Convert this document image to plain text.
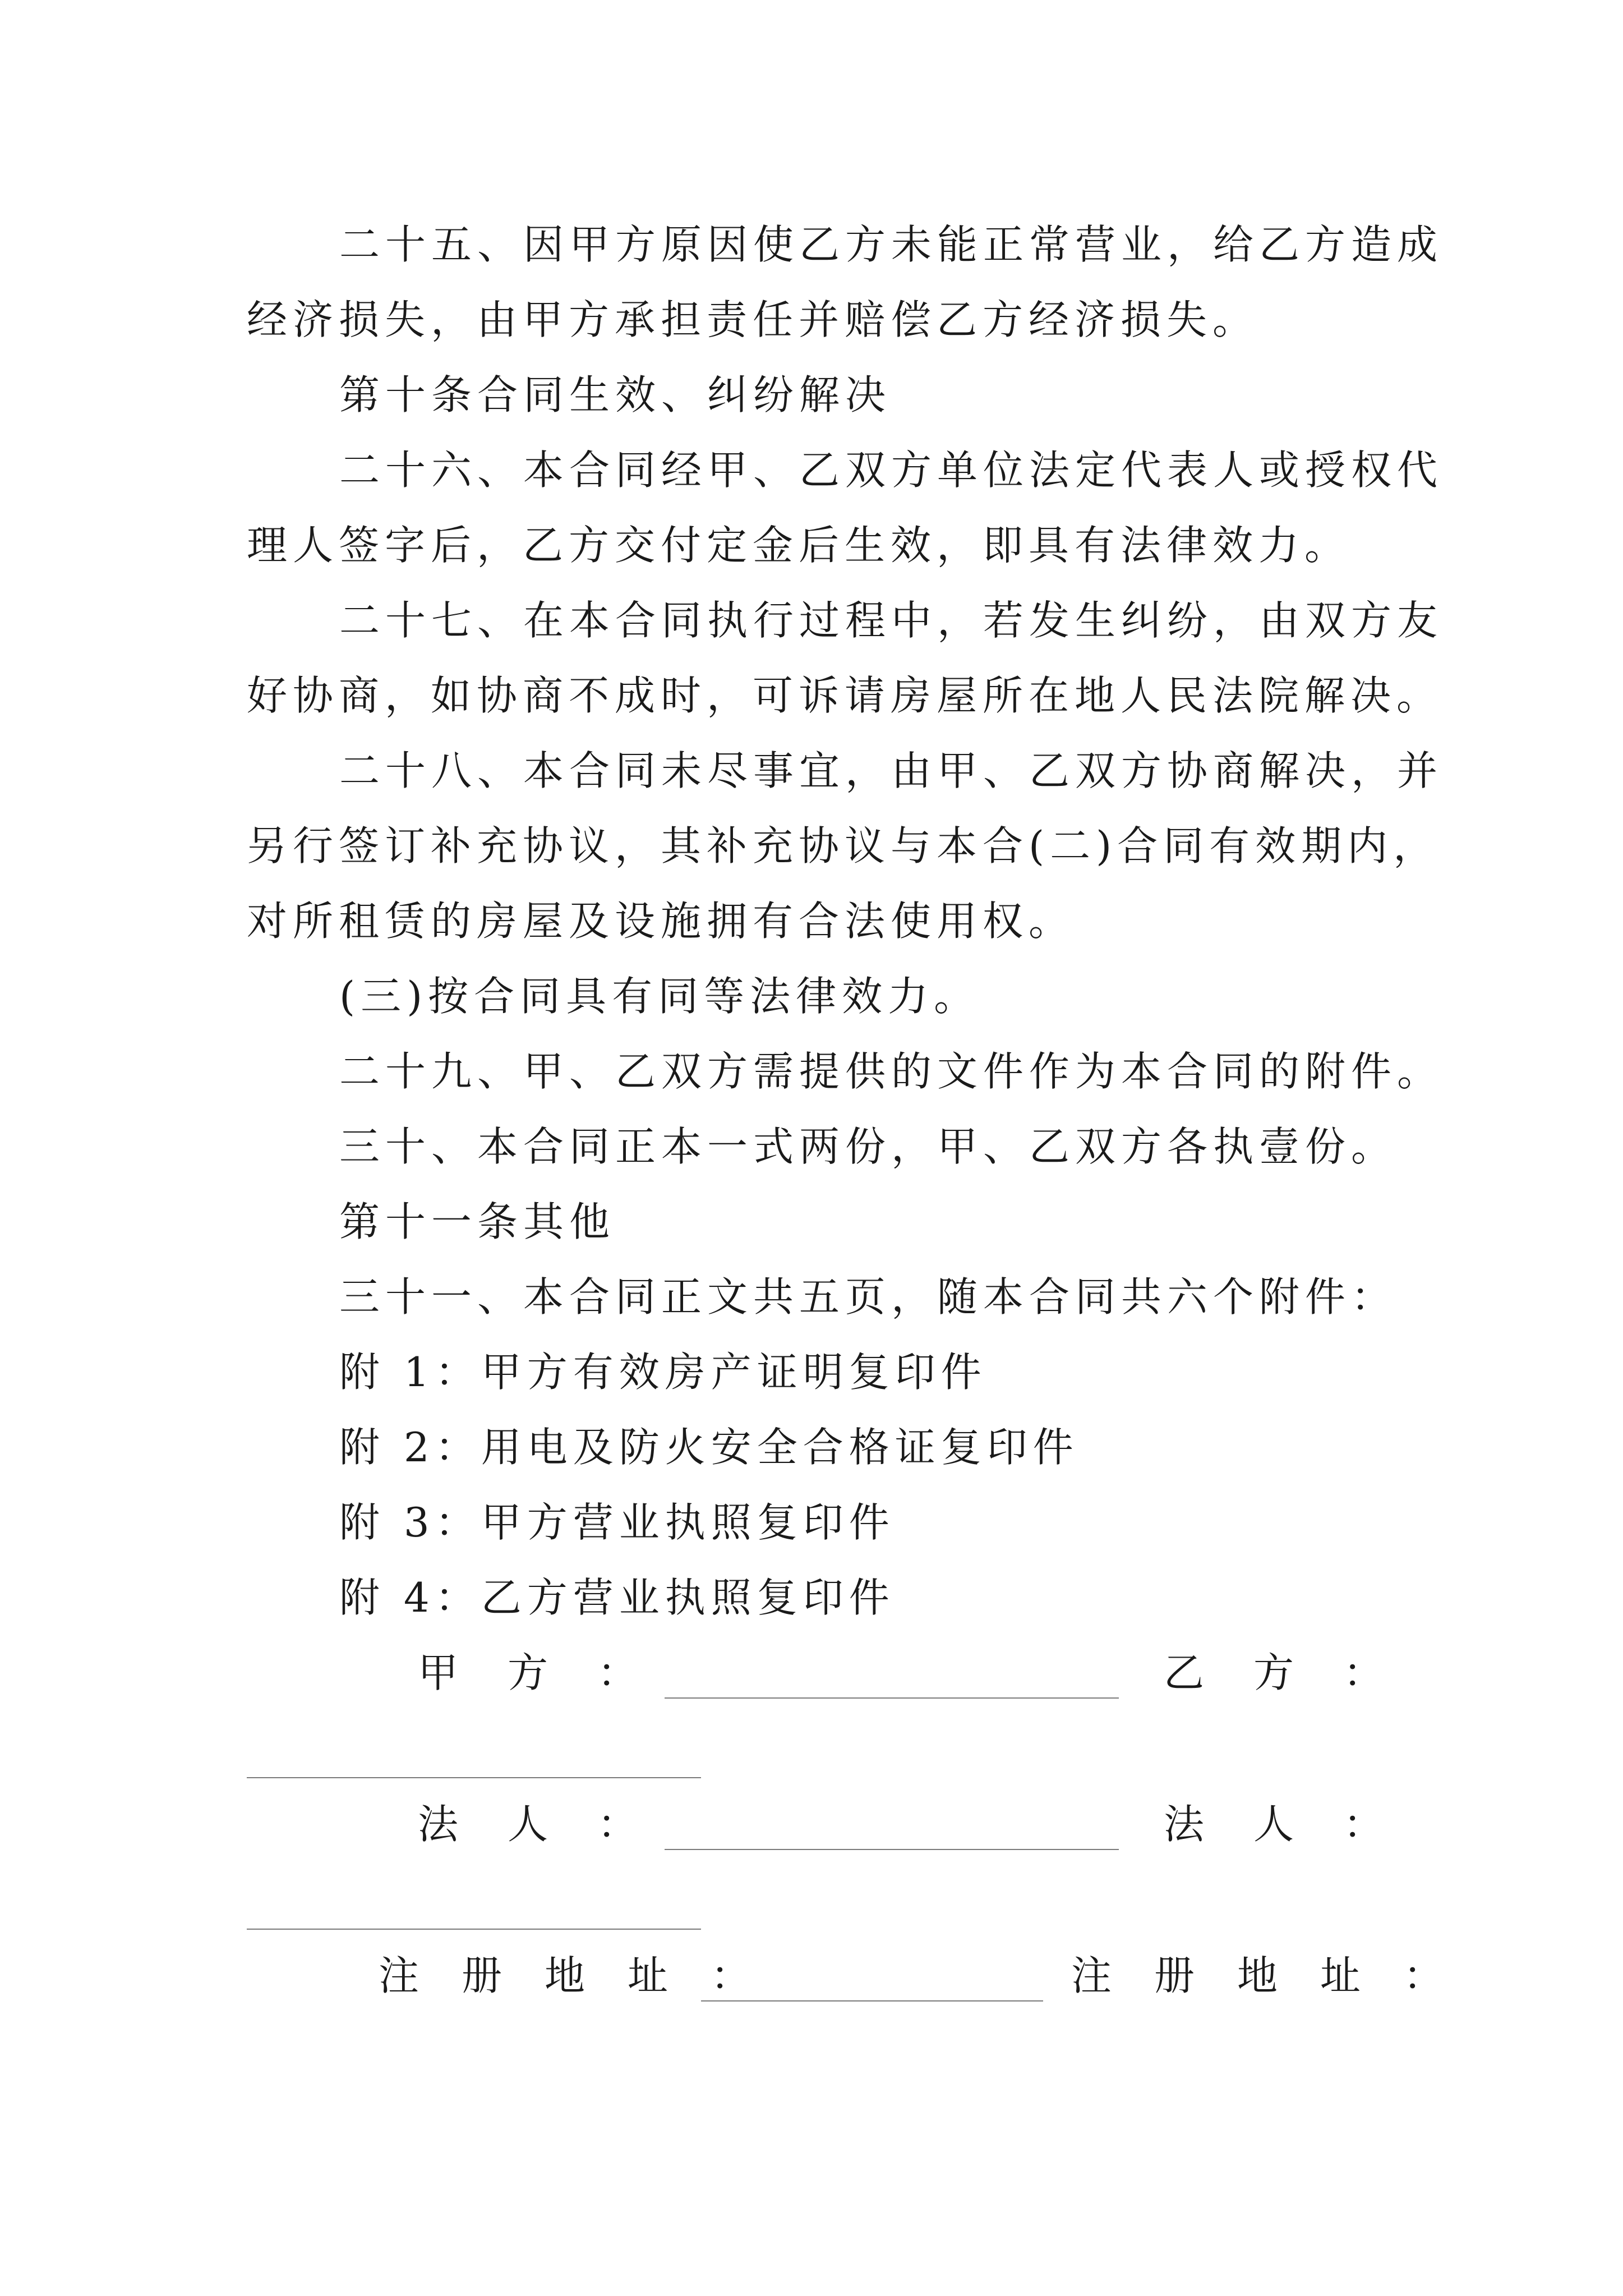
二十五、因甲方原因使乙方未能正常营业，给乙方造成
经济损失，由甲方承担责任并赔偿乙方经济损失。
第十条合同生效、纠纷解决
二十六、本合同经甲、乙双方单位法定代表人或授权代
理人签字后，乙方交付定金后生效，即具有法律效力。
二十七、在本合同执行过程中，若发生纠纷，由双方友
好协商，如协商不成时，可诉请房屋所在地人民法院解决。
二十八、本合同未尽事宜，由甲、乙双方协商解决，并
另行签订补充协议，其补充协议与本合(二)合同有效期内，
对所租赁的房屋及设施拥有合法使用权。
(三)按合同具有同等法律效力。
二十九、甲、乙双方需提供的文件作为本合同的附件。
三十、本合同正本一式两份，甲、乙双方各执壹份。
第十一条其他
三十一、本合同正文共五页，随本合同共六个附件：
附 1：甲方有效房产证明复印件
附 2：用电及防火安全合格证复印件
附 3：甲方营业执照复印件
附 4：乙方营业执照复印件
甲　方　：	乙　方　：
法　人　：	法　人　：
注　册　地　址　：	注　册　地　址　：
